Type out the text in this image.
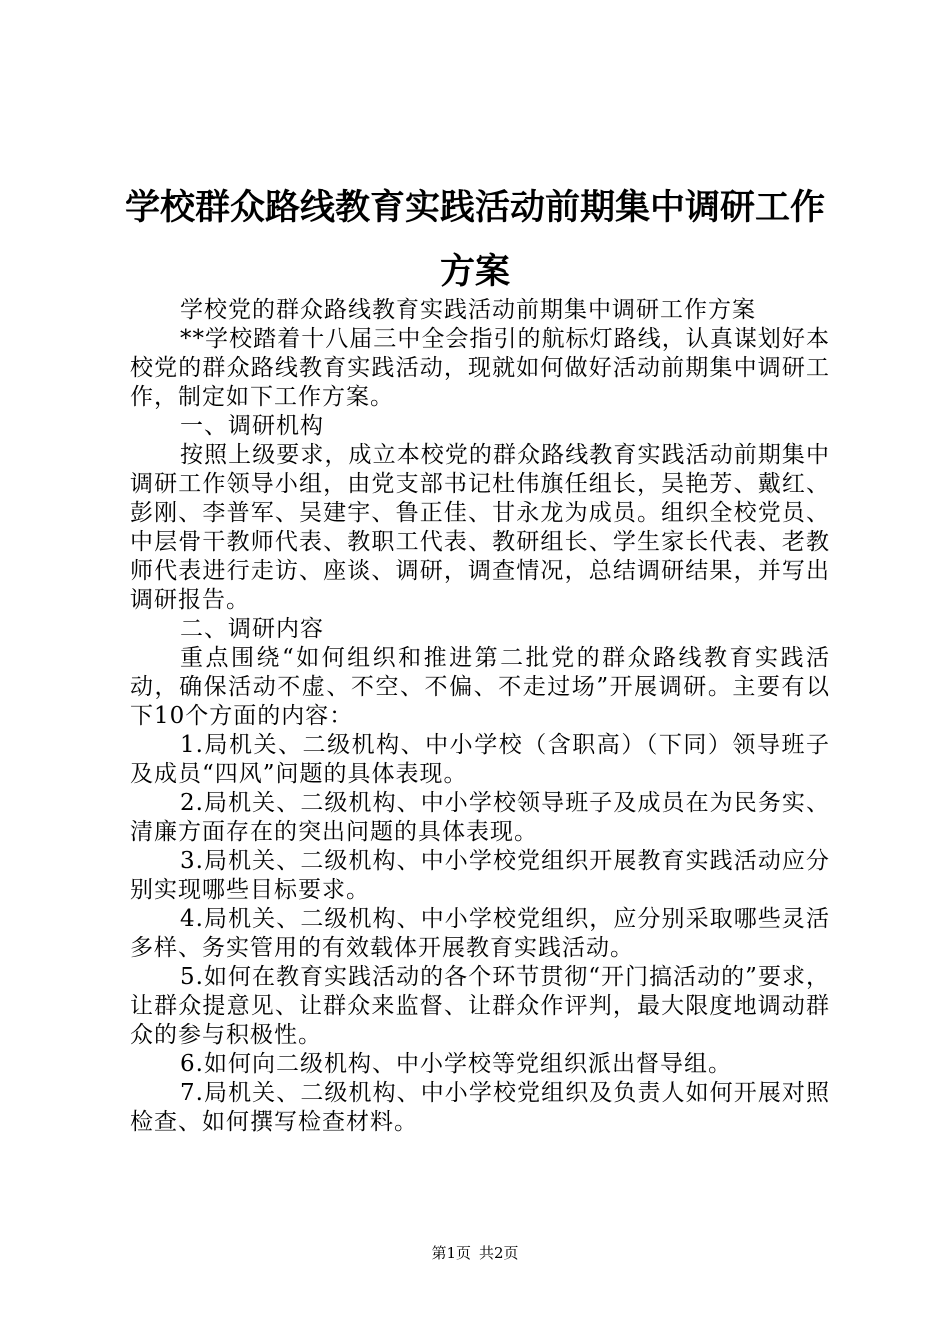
学校群众路线教育实践活动前期集中调研工作
方案

学校党的群众路线教育实践活动前期集中调研工作方案

**学校踏着十八届三中全会指引的航标灯路线，认真谋划好本校党的群众路线教育实践活动，现就如何做好活动前期集中调研工作，制定如下工作方案。

一、调研机构

按照上级要求，成立本校党的群众路线教育实践活动前期集中调研工作领导小组，由党支部书记杜伟旗任组长，吴艳芳、戴红、彭刚、李普军、吴建宇、鲁正佳、甘永龙为成员。组织全校党员、中层骨干教师代表、教职工代表、教研组长、学生家长代表、老教师代表进行走访、座谈、调研，调查情况，总结调研结果，并写出调研报告。

二、调研内容

重点围绕“如何组织和推进第二批党的群众路线教育实践活动，确保活动不虚、不空、不偏、不走过场”开展调研。主要有以下10个方面的内容：

1.局机关、二级机构、中小学校（含职高）（下同）领导班子及成员“四风”问题的具体表现。

2.局机关、二级机构、中小学校领导班子及成员在为民务实、清廉方面存在的突出问题的具体表现。

3.局机关、二级机构、中小学校党组织开展教育实践活动应分别实现哪些目标要求。

4.局机关、二级机构、中小学校党组织，应分别采取哪些灵活多样、务实管用的有效载体开展教育实践活动。

5.如何在教育实践活动的各个环节贯彻“开门搞活动的”要求，让群众提意见、让群众来监督、让群众作评判，最大限度地调动群众的参与积极性。

6.如何向二级机构、中小学校等党组织派出督导组。

7.局机关、二级机构、中小学校党组织及负责人如何开展对照检查、如何撰写检查材料。

第1页 共2页
